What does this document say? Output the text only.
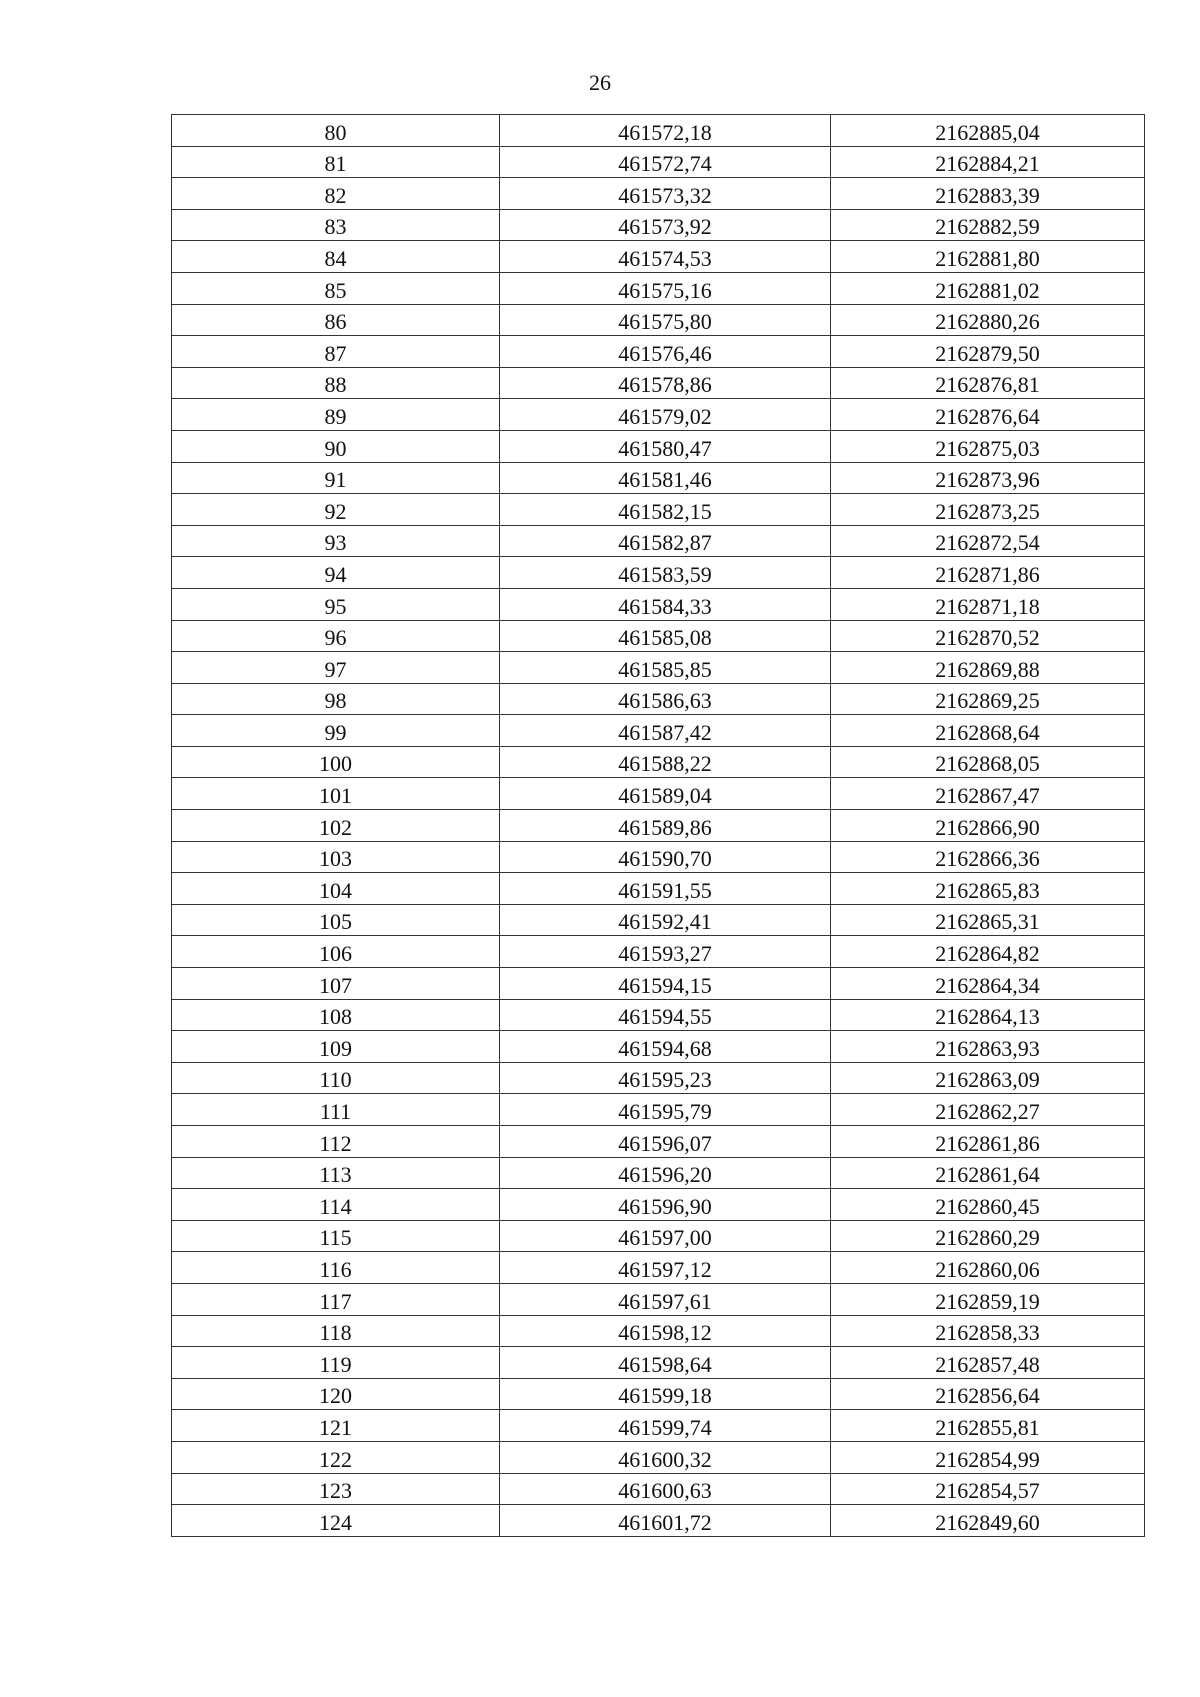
26
80	461572,18	2162885,04
81	461572,74	2162884,21
82	461573,32	2162883,39
83	461573,92	2162882,59
84	461574,53	2162881,80
85	461575,16	2162881,02
86	461575,80	2162880,26
87	461576,46	2162879,50
88	461578,86	2162876,81
89	461579,02	2162876,64
90	461580,47	2162875,03
91	461581,46	2162873,96
92	461582,15	2162873,25
93	461582,87	2162872,54
94	461583,59	2162871,86
95	461584,33	2162871,18
96	461585,08	2162870,52
97	461585,85	2162869,88
98	461586,63	2162869,25
99	461587,42	2162868,64
100	461588,22	2162868,05
101	461589,04	2162867,47
102	461589,86	2162866,90
103	461590,70	2162866,36
104	461591,55	2162865,83
105	461592,41	2162865,31
106	461593,27	2162864,82
107	461594,15	2162864,34
108	461594,55	2162864,13
109	461594,68	2162863,93
110	461595,23	2162863,09
111	461595,79	2162862,27
112	461596,07	2162861,86
113	461596,20	2162861,64
114	461596,90	2162860,45
115	461597,00	2162860,29
116	461597,12	2162860,06
117	461597,61	2162859,19
118	461598,12	2162858,33
119	461598,64	2162857,48
120	461599,18	2162856,64
121	461599,74	2162855,81
122	461600,32	2162854,99
123	461600,63	2162854,57
124	461601,72	2162849,60
